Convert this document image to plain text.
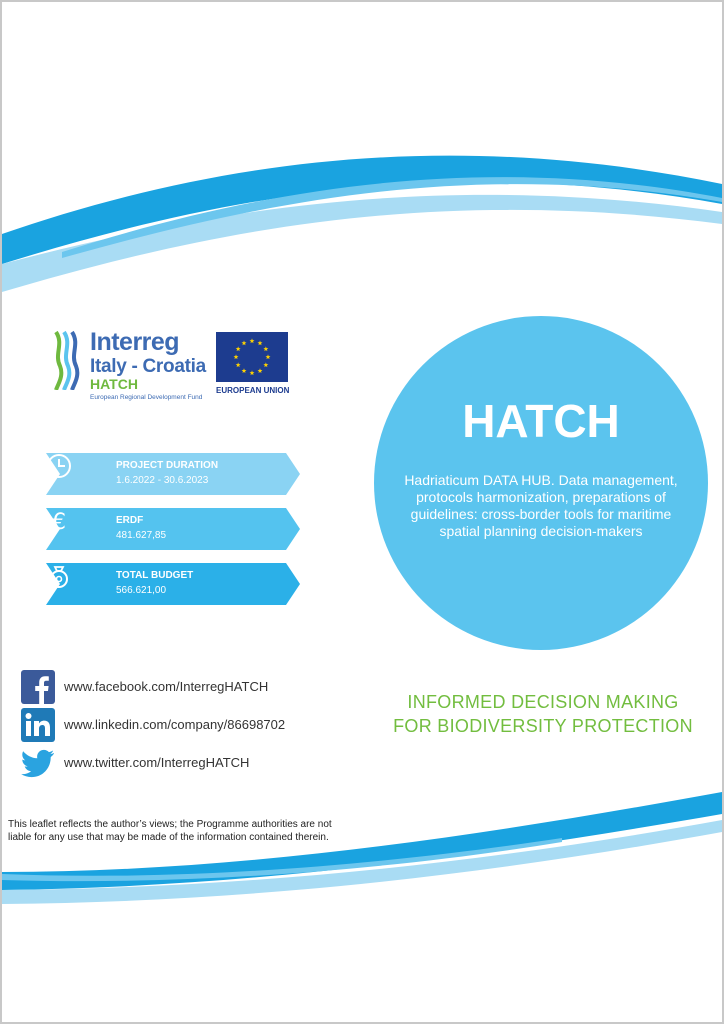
Interreg
Italy - Croatia
HATCH
European Regional Development Fund
EUROPEAN UNION
PROJECT DURATION
1.6.2022 - 30.6.2023
€	ERDF
481.627,85
TOTAL BUDGET
566.621,00
www.facebook.com/InterregHATCH
www.linkedin.com/company/86698702
www.twitter.com/InterregHATCH
This leaflet reflects the author’s views; the Programme authorities are not liable for any use that may be made of the information contained therein.
HATCH
Hadriaticum DATA HUB. Data management, protocols harmonization, preparations of guidelines: cross-border tools for maritime spatial planning decision-makers
INFORMED DECISION MAKING
FOR BIODIVERSITY PROTECTION
